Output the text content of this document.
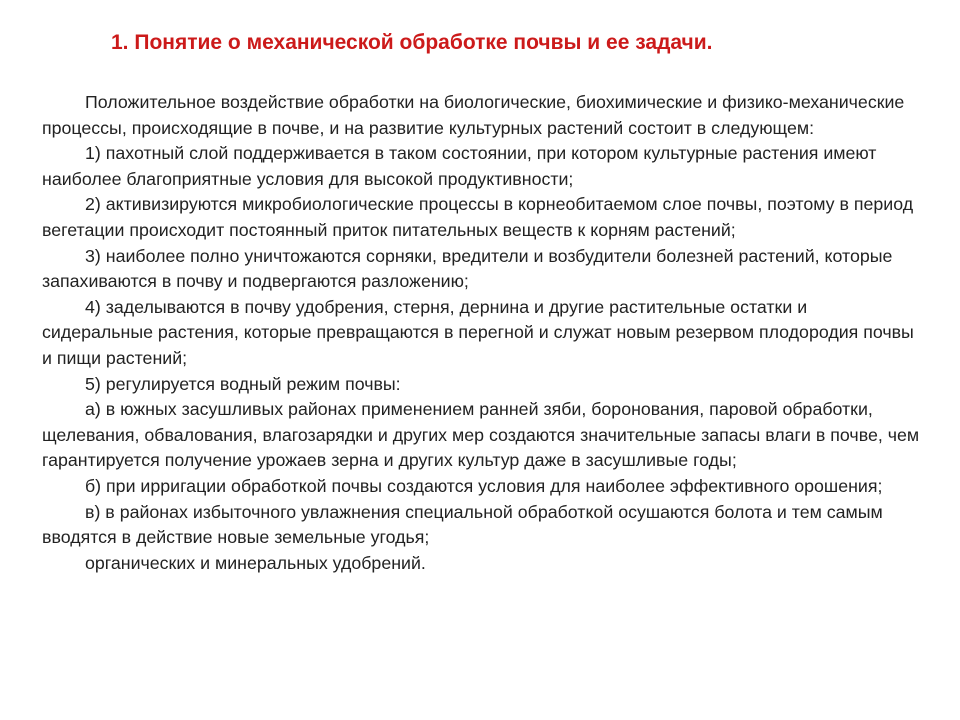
1. Понятие о механической обработке почвы и ее задачи.
Положительное воздействие обработки на биологические, биохимические и физико-механические процессы, происходящие в почве, и на развитие культурных растений состоит в следующем:
1) пахотный слой поддерживается в таком состоянии, при котором культурные растения имеют наиболее благоприятные условия для высокой продуктивности;
2) активизируются микробиологические процессы в корнеобитаемом слое почвы, поэтому в период вегетации происходит постоянный приток питательных веществ к корням растений;
3) наиболее полно уничтожаются сорняки, вредители и возбудители болезней растений, которые запахиваются в почву и подвергаются разложению;
4) заделываются в почву удобрения, стерня, дернина и другие растительные остатки и сидеральные растения, которые превращаются в перегной и служат новым резервом плодородия почвы и пищи растений;
5) регулируется водный режим почвы:
а) в южных засушливых районах применением ранней зяби, боронования, паровой обработки, щелевания, обвалования, влагозарядки и других мер создаются значительные запасы влаги в почве, чем гарантируется получение урожаев зерна и других культур даже в засушливые годы;
б) при ирригации обработкой почвы создаются условия для наиболее эффективного орошения;
в) в районах избыточного увлажнения специальной обработкой осушаются болота и тем самым вводятся в действие новые земельные угодья;
органических и минеральных удобрений.
